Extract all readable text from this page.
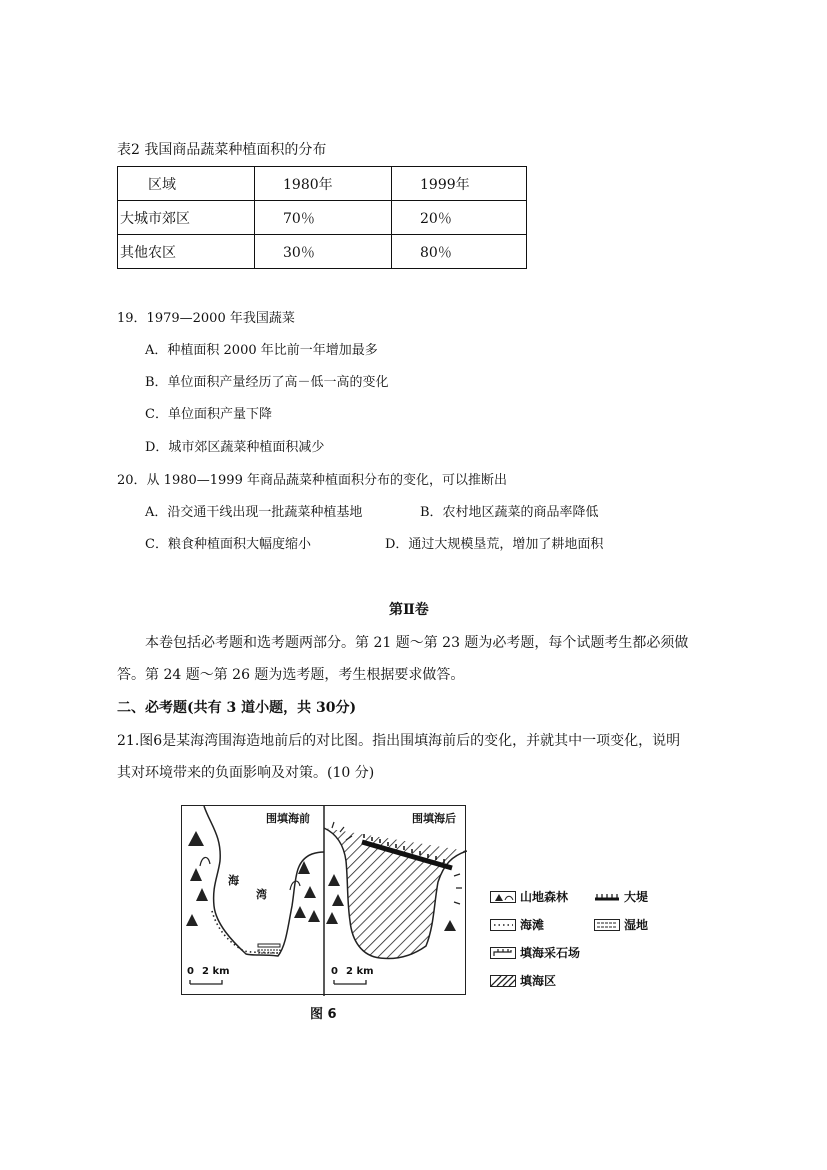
表2 我国商品蔬菜种植面积的分布
区域	1980年	1999年
大城市郊区	70％	20％
其他农区	30％	80％
19．1979—2000 年我国蔬菜
A．种植面积 2000 年比前一年增加最多
B．单位面积产量经历了高－低一高的变化
C．单位面积产量下降
D．城市郊区蔬菜种植面积减少
20．从 1980—1999 年商品蔬菜种植面积分布的变化，可以推断出
A．沿交通干线出现一批蔬菜种植基地	B．农村地区蔬菜的商品率降低
C．粮食种植面积大幅度缩小	D．通过大规模垦荒，增加了耕地面积
第Ⅱ卷
本卷包括必考题和选考题两部分。第 21 题～第 23 题为必考题，每个试题考生都必须做
答。第 24 题～第 26 题为选考题，考生根据要求做答。
二、必考题(共有 3 道小题，共 30分)
21.图6是某海湾围海造地前后的对比图。指出围填海前后的变化，并就其中一项变化，说明
其对环境带来的负面影响及对策。(10 分)
围填海前	围填海后
海
湾
0 2 km	0 2 km
山地森林	大堤
海滩	湿地
填海采石场
填海区
图 6
